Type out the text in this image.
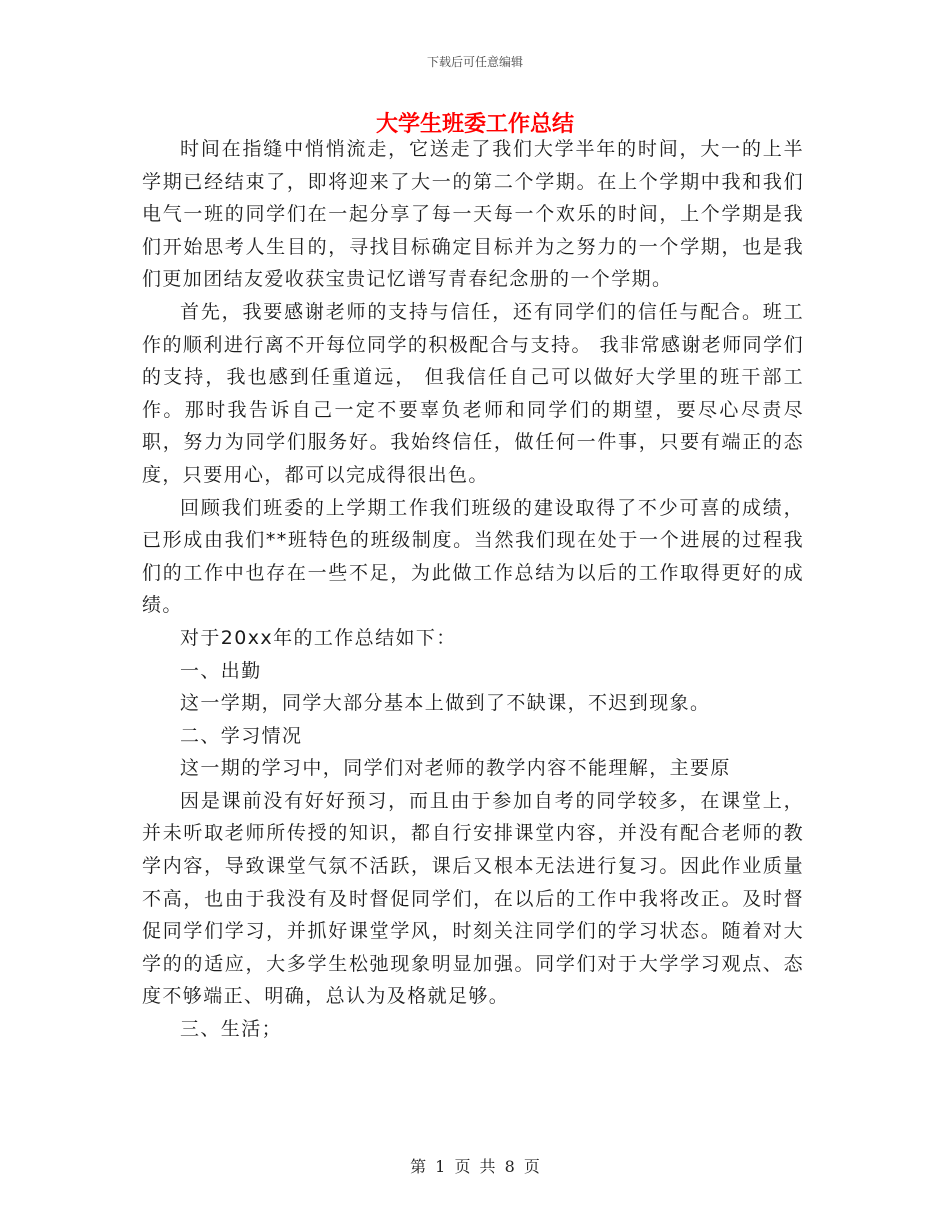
下载后可任意编辑
大学生班委工作总结

时间在指缝中悄悄流走，它送走了我们大学半年的时间，大一的上半学期已经结束了，即将迎来了大一的第二个学期。在上个学期中我和我们电气一班的同学们在一起分享了每一天每一个欢乐的时间，上个学期是我们开始思考人生目的，寻找目标确定目标并为之努力的一个学期，也是我们更加团结友爱收获宝贵记忆谱写青春纪念册的一个学期。

首先，我要感谢老师的支持与信任，还有同学们的信任与配合。班工作的顺利进行离不开每位同学的积极配合与支持。 我非常感谢老师同学们的支持，我也感到任重道远， 但我信任自己可以做好大学里的班干部工作。那时我告诉自己一定不要辜负老师和同学们的期望，要尽心尽责尽职，努力为同学们服务好。我始终信任，做任何一件事，只要有端正的态度，只要用心，都可以完成得很出色。

回顾我们班委的上学期工作我们班级的建设取得了不少可喜的成绩，已形成由我们**班特色的班级制度。当然我们现在处于一个进展的过程我们的工作中也存在一些不足，为此做工作总结为以后的工作取得更好的成绩。

对于20xx年的工作总结如下：

一、出勤

这一学期，同学大部分基本上做到了不缺课，不迟到现象。

二、学习情况

这一期的学习中，同学们对老师的教学内容不能理解，主要原

因是课前没有好好预习，而且由于参加自考的同学较多，在课堂上，并未听取老师所传授的知识，都自行安排课堂内容，并没有配合老师的教学内容，导致课堂气氛不活跃，课后又根本无法进行复习。因此作业质量不高，也由于我没有及时督促同学们，在以后的工作中我将改正。及时督促同学们学习，并抓好课堂学风，时刻关注同学们的学习状态。随着对大学的的适应，大多学生松弛现象明显加强。同学们对于大学学习观点、态度不够端正、明确，总认为及格就足够。

三、生活；

第 1 页 共 8 页
